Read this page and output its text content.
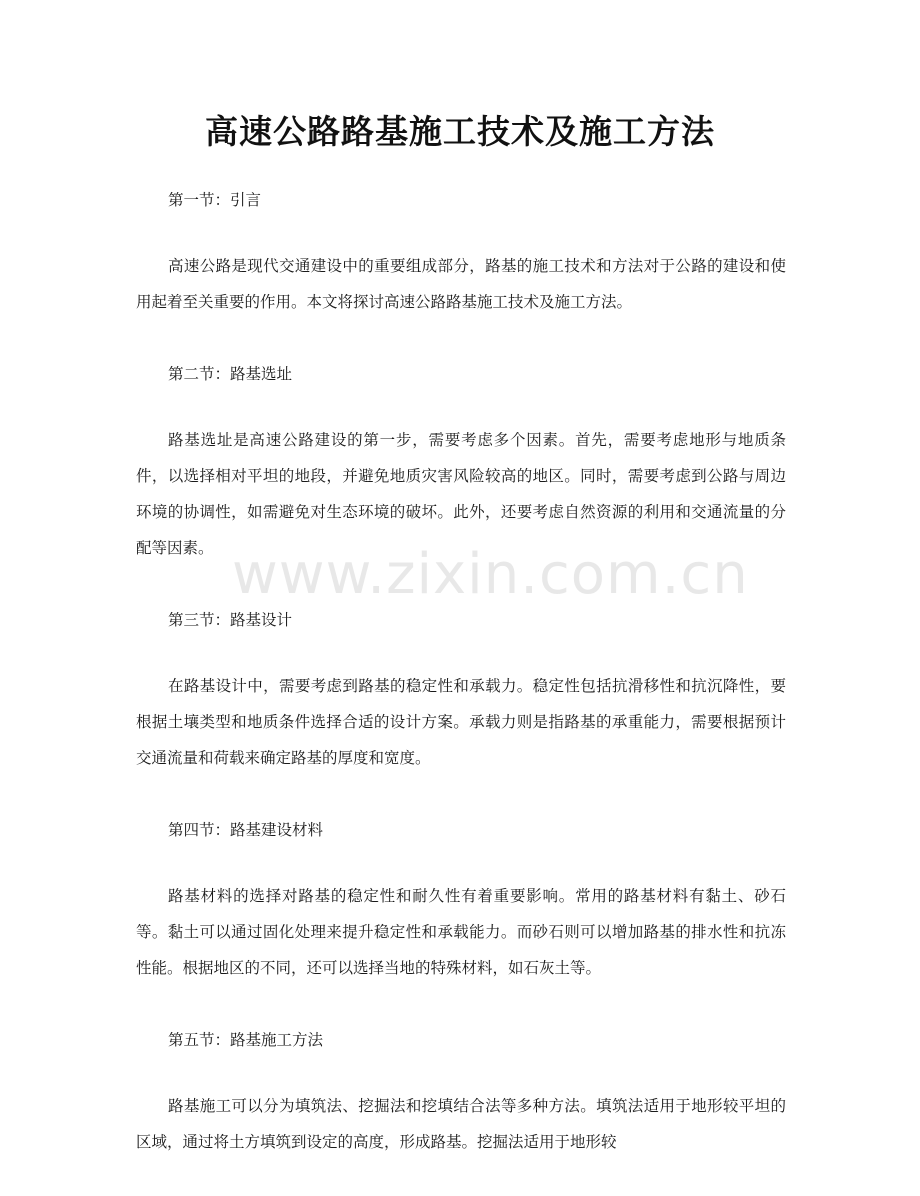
高速公路路基施工技术及施工方法

第一节：引言

高速公路是现代交通建设中的重要组成部分，路基的施工技术和方法对于公路的建设和使用起着至关重要的作用。本文将探讨高速公路路基施工技术及施工方法。

第二节：路基选址

路基选址是高速公路建设的第一步，需要考虑多个因素。首先，需要考虑地形与地质条件，以选择相对平坦的地段，并避免地质灾害风险较高的地区。同时，需要考虑到公路与周边环境的协调性，如需避免对生态环境的破坏。此外，还要考虑自然资源的利用和交通流量的分配等因素。

第三节：路基设计

在路基设计中，需要考虑到路基的稳定性和承载力。稳定性包括抗滑移性和抗沉降性，要根据土壤类型和地质条件选择合适的设计方案。承载力则是指路基的承重能力，需要根据预计交通流量和荷载来确定路基的厚度和宽度。

第四节：路基建设材料

路基材料的选择对路基的稳定性和耐久性有着重要影响。常用的路基材料有黏土、砂石等。黏土可以通过固化处理来提升稳定性和承载能力。而砂石则可以增加路基的排水性和抗冻性能。根据地区的不同，还可以选择当地的特殊材料，如石灰土等。

第五节：路基施工方法

路基施工可以分为填筑法、挖掘法和挖填结合法等多种方法。填筑法适用于地形较平坦的区域，通过将土方填筑到设定的高度，形成路基。挖掘法适用于地形较

www.zixin.com.cn
